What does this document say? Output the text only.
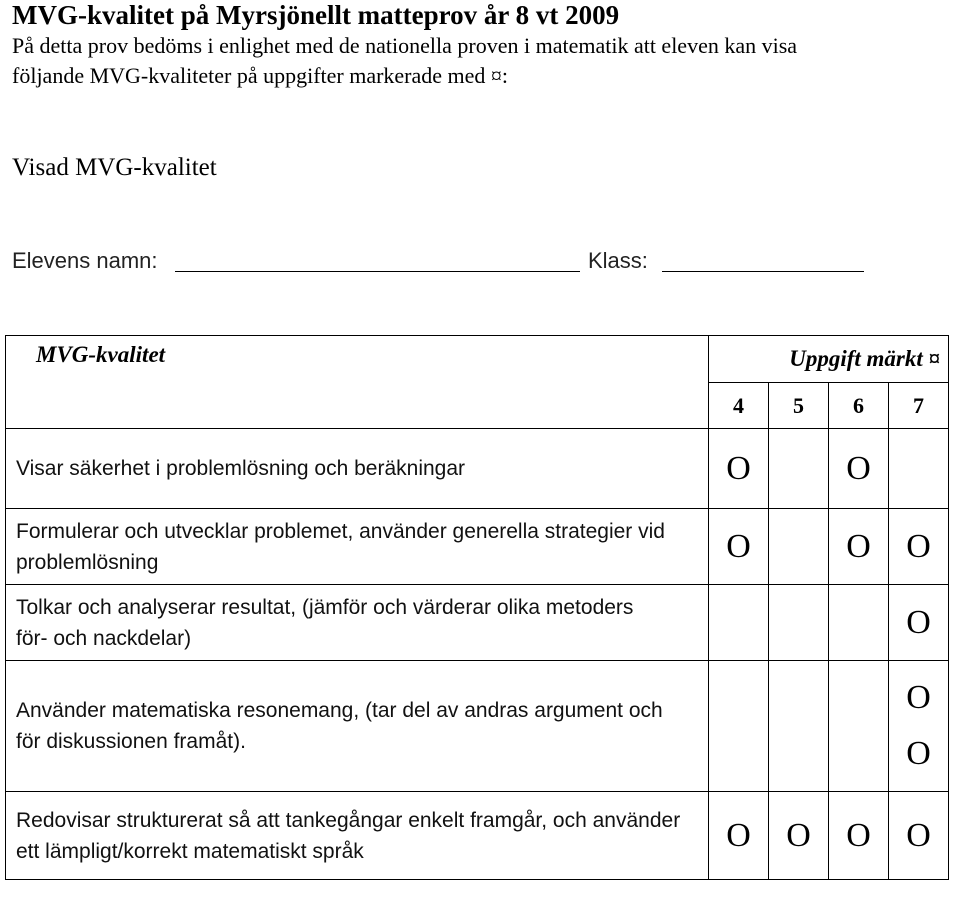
MVG-kvalitet på Myrsjönellt matteprov år 8 vt 2009
På detta prov bedöms i enlighet med de nationella proven i matematik att eleven kan visa
följande MVG-kvaliteter på uppgifter markerade med ¤:
Visad MVG-kvalitet
Elevens namn:	Klass:
MVG-kvalitet	Uppgift märkt ¤			
	4	5	6	7

Visar säkerhet i problemlösning och beräkningar	O		O	

Formulerar och utvecklar problemet, använder generella strategier vid
problemlösning	O		O	O

Tolkar och analyserar resultat, (jämför och värderar olika metoders
för- och nackdelar)				O

Använder matematiska resonemang, (tar del av andras argument och
för diskussionen framåt).				O O

Redovisar strukturerat så att tankegångar enkelt framgår, och använder
ett lämpligt/korrekt matematiskt språk	O	O	O	O
